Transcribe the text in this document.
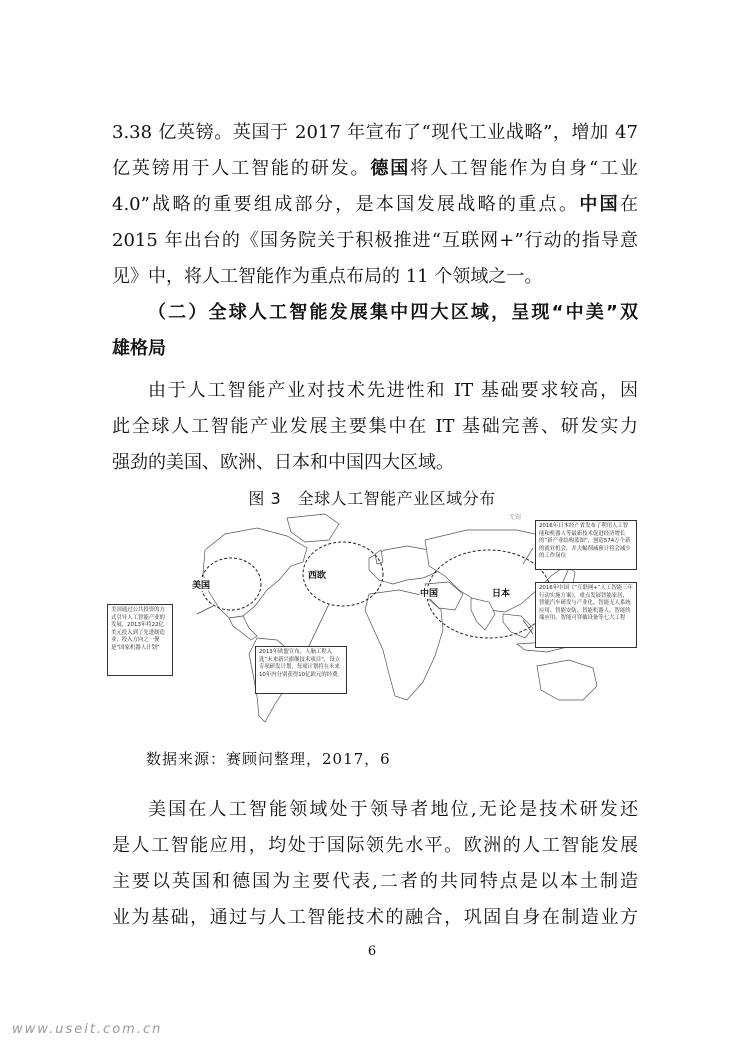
3.38 亿英镑。英国于 2017 年宣布了“现代工业战略”，增加 47
亿英镑用于人工智能的研发。德国将人工智能作为自身“工业
4.0”战略的重要组成部分，是本国发展战略的重点。中国在
2015 年出台的《国务院关于积极推进“互联网+”行动的指导意
见》中，将人工智能作为重点布局的 11 个领域之一。
（二）全球人工智能发展集中四大区域，呈现“中美”双
雄格局
由于人工智能产业对技术先进性和 IT 基础要求较高，因
此全球人工智能产业发展主要集中在 IT 基础完善、研发实力
强劲的美国、欧洲、日本和中国四大区域。
图 3　全球人工智能产业区域分布
无锡
美国
西欧
中国	日本
美国通过公共投资的方式引导人工智能产业的发展，2013年将22亿美元投入到了先进制造业，投入方向之一便是“国家机器人计划”
2013年欧盟宣布，人脑工程入选“未来新兴旗舰技术项目”，设立专项研发计划，每项计划将在未来10年内分别获得10亿欧元的经费。
2016年日本经产省发布了利用人工智能和机器人等最新技术促进经济增长的“新产业结构蓝图”，创造574万个新的就业机会，并大幅削减预计将会减少的工作岗位
2016年中国《“互联网+”人工智能三年行动实施方案》，重点发展智能家居、智能汽车研发与产业化、智能无人系统应用、智能安防、智能机器人、智能终端应用、智能可穿戴设备等七大工程
数据来源：赛顾问整理，2017，6
美国在人工智能领域处于领导者地位,无论是技术研发还
是人工智能应用，均处于国际领先水平。欧洲的人工智能发展
主要以英国和德国为主要代表,二者的共同特点是以本土制造
业为基础，通过与人工智能技术的融合，巩固自身在制造业方
6
www.useit.com.cn
